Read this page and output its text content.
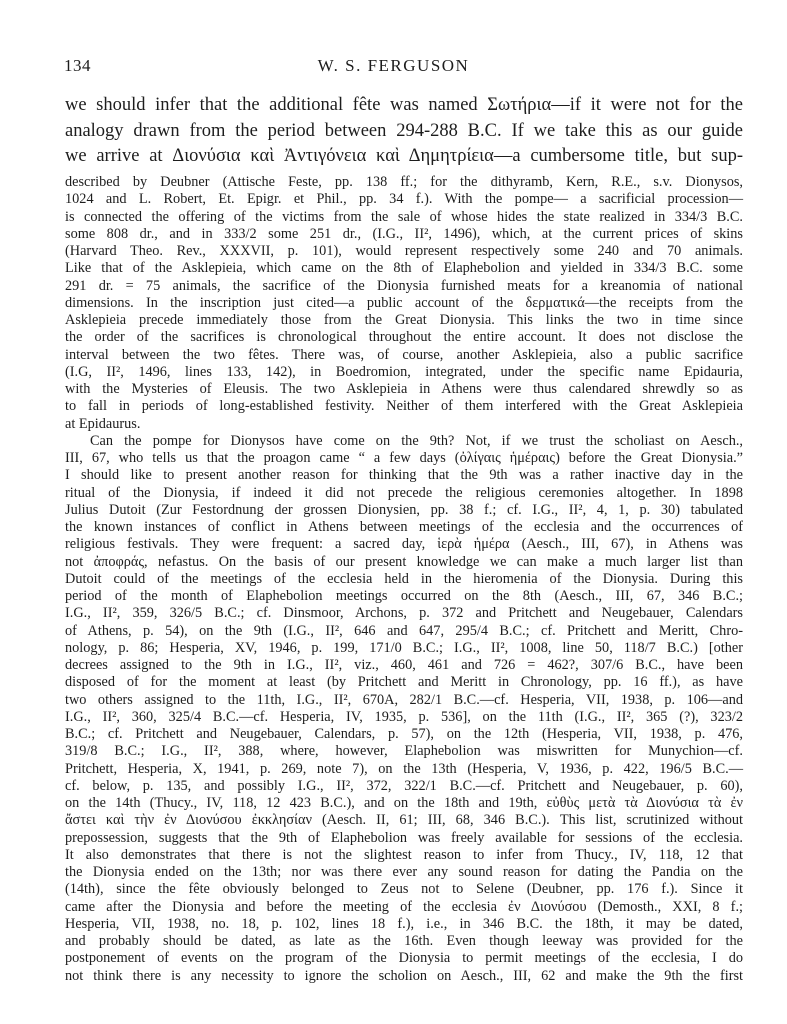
134	W. S. FERGUSON
we should infer that the additional fête was named Σωτήρια—if it were not for the
analogy drawn from the period between 294-288 B.C. If we take this as our guide
we arrive at Διονύσια καὶ Ἀντιγόνεια καὶ Δημητρίεια—a cumbersome title, but sup-

described by Deubner (Attische Feste, pp. 138 ff.; for the dithyramb, Kern, R.E., s.v. Dionysos,
1024 and L. Robert, Et. Epigr. et Phil., pp. 34 f.). With the pompe— a sacrificial procession—
is connected the offering of the victims from the sale of whose hides the state realized in 334/3 B.C.
some 808 dr., and in 333/2 some 251 dr., (I.G., II², 1496), which, at the current prices of skins
(Harvard Theo. Rev., XXXVII, p. 101), would represent respectively some 240 and 70 animals.
Like that of the Asklepieia, which came on the 8th of Elaphebolion and yielded in 334/3 B.C. some
291 dr. = 75 animals, the sacrifice of the Dionysia furnished meats for a kreanomia of national
dimensions. In the inscription just cited—a public account of the δερματικά—the receipts from the
Asklepieia precede immediately those from the Great Dionysia. This links the two in time since
the order of the sacrifices is chronological throughout the entire account. It does not disclose the
interval between the two fêtes. There was, of course, another Asklepieia, also a public sacrifice
(I.G, II², 1496, lines 133, 142), in Boedromion, integrated, under the specific name Epidauria,
with the Mysteries of Eleusis. The two Asklepieia in Athens were thus calendared shrewdly so as
to fall in periods of long-established festivity. Neither of them interfered with the Great Asklepieia
at Epidaurus.

Can the pompe for Dionysos have come on the 9th? Not, if we trust the scholiast on Aesch.,
III, 67, who tells us that the proagon came “ a few days (ὀλίγαις ἡμέραις) before the Great Dionysia.”
I should like to present another reason for thinking that the 9th was a rather inactive day in the
ritual of the Dionysia, if indeed it did not precede the religious ceremonies altogether. In 1898
Julius Dutoit (Zur Festordnung der grossen Dionysien, pp. 38 f.; cf. I.G., II², 4, 1, p. 30) tabulated
the known instances of conflict in Athens between meetings of the ecclesia and the occurrences of
religious festivals. They were frequent: a sacred day, ἱερὰ ἡμέρα (Aesch., III, 67), in Athens was
not ἀποφράς, nefastus. On the basis of our present knowledge we can make a much larger list than
Dutoit could of the meetings of the ecclesia held in the hieromenia of the Dionysia. During this
period of the month of Elaphebolion meetings occurred on the 8th (Aesch., III, 67, 346 B.C.;
I.G., II², 359, 326/5 B.C.; cf. Dinsmoor, Archons, p. 372 and Pritchett and Neugebauer, Calendars
of Athens, p. 54), on the 9th (I.G., II², 646 and 647, 295/4 B.C.; cf. Pritchett and Meritt, Chro-
nology, p. 86; Hesperia, XV, 1946, p. 199, 171/0 B.C.; I.G., II², 1008, line 50, 118/7 B.C.) [other
decrees assigned to the 9th in I.G., II², viz., 460, 461 and 726 = 462?, 307/6 B.C., have been
disposed of for the moment at least (by Pritchett and Meritt in Chronology, pp. 16 ff.), as have
two others assigned to the 11th, I.G., II², 670A, 282/1 B.C.—cf. Hesperia, VII, 1938, p. 106—and
I.G., II², 360, 325/4 B.C.—cf. Hesperia, IV, 1935, p. 536], on the 11th (I.G., II², 365 (?), 323/2
B.C.; cf. Pritchett and Neugebauer, Calendars, p. 57), on the 12th (Hesperia, VII, 1938, p. 476,
319/8 B.C.; I.G., II², 388, where, however, Elaphebolion was miswritten for Munychion—cf.
Pritchett, Hesperia, X, 1941, p. 269, note 7), on the 13th (Hesperia, V, 1936, p. 422, 196/5 B.C.—
cf. below, p. 135, and possibly I.G., II², 372, 322/1 B.C.—cf. Pritchett and Neugebauer, p. 60),
on the 14th (Thucy., IV, 118, 12 423 B.C.), and on the 18th and 19th, εὐθὺς μετὰ τὰ Διονύσια τὰ ἐν
ἄστει καὶ τὴν ἐν Διονύσου ἐκκλησίαν (Aesch. II, 61; III, 68, 346 B.C.). This list, scrutinized without
prepossession, suggests that the 9th of Elaphebolion was freely available for sessions of the ecclesia.
It also demonstrates that there is not the slightest reason to infer from Thucy., IV, 118, 12 that
the Dionysia ended on the 13th; nor was there ever any sound reason for dating the Pandia on the
(14th), since the fête obviously belonged to Zeus not to Selene (Deubner, pp. 176 f.). Since it
came after the Dionysia and before the meeting of the ecclesia ἐν Διονύσου (Demosth., XXI, 8 f.;
Hesperia, VII, 1938, no. 18, p. 102, lines 18 f.), i.e., in 346 B.C. the 18th, it may be dated,
and probably should be dated, as late as the 16th. Even though leeway was provided for the
postponement of events on the program of the Dionysia to permit meetings of the ecclesia, I do
not think there is any necessity to ignore the scholion on Aesch., III, 62 and make the 9th the first
